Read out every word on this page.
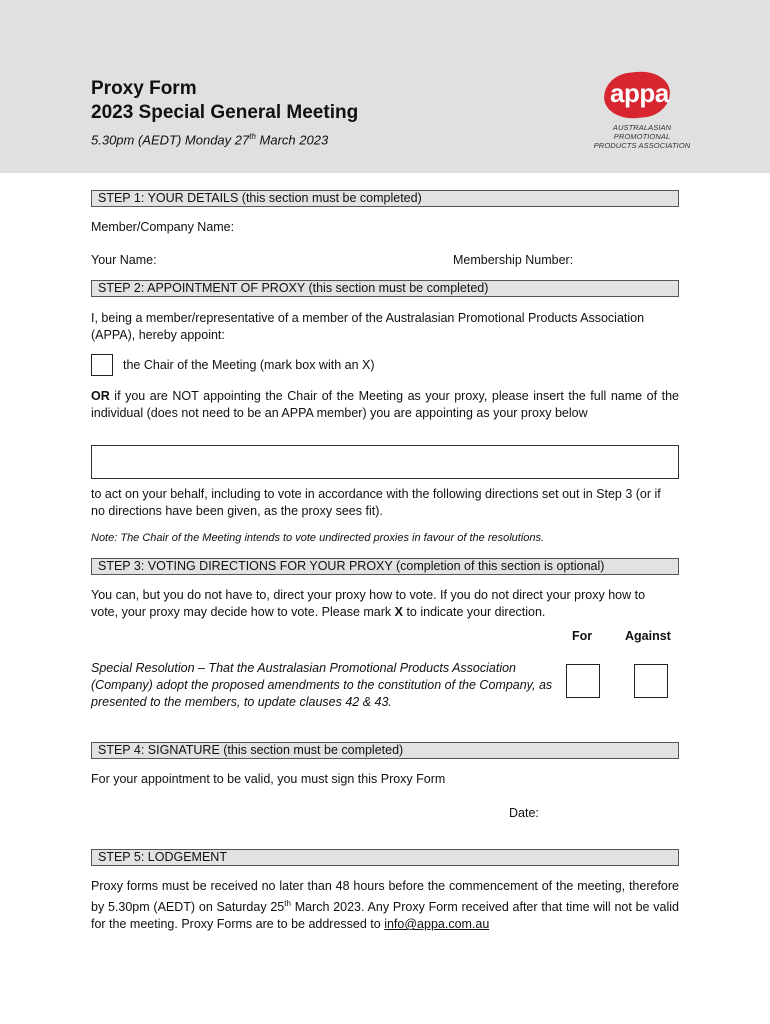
Proxy Form
2023 Special General Meeting
5.30pm (AEDT) Monday 27th March 2023
appa
AUSTRALASIAN PROMOTIONAL
PRODUCTS ASSOCIATION
STEP 1: YOUR DETAILS (this section must be completed)
Member/Company Name:
Your Name:	Membership Number:
STEP 2: APPOINTMENT OF PROXY (this section must be completed)
I, being a member/representative of a member of the Australasian Promotional Products Association (APPA), hereby appoint:
the Chair of the Meeting (mark box with an X)
OR if you are NOT appointing the Chair of the Meeting as your proxy, please insert the full name of the individual (does not need to be an APPA member) you are appointing as your proxy below
to act on your behalf, including to vote in accordance with the following directions set out in Step 3 (or if no directions have been given, as the proxy sees fit).
Note: The Chair of the Meeting intends to vote undirected proxies in favour of the resolutions.
STEP 3: VOTING DIRECTIONS FOR YOUR PROXY (completion of this section is optional)
You can, but you do not have to, direct your proxy how to vote. If you do not direct your proxy how to vote, your proxy may decide how to vote. Please mark X to indicate your direction.
For	Against
Special Resolution – That the Australasian Promotional Products Association (Company) adopt the proposed amendments to the constitution of the Company, as presented to the members, to update clauses 42 & 43.
STEP 4: SIGNATURE (this section must be completed)
For your appointment to be valid, you must sign this Proxy Form
Date:
STEP 5: LODGEMENT
Proxy forms must be received no later than 48 hours before the commencement of the meeting, therefore by 5.30pm (AEDT) on Saturday 25th March 2023. Any Proxy Form received after that time will not be valid for the meeting. Proxy Forms are to be addressed to info@appa.com.au
